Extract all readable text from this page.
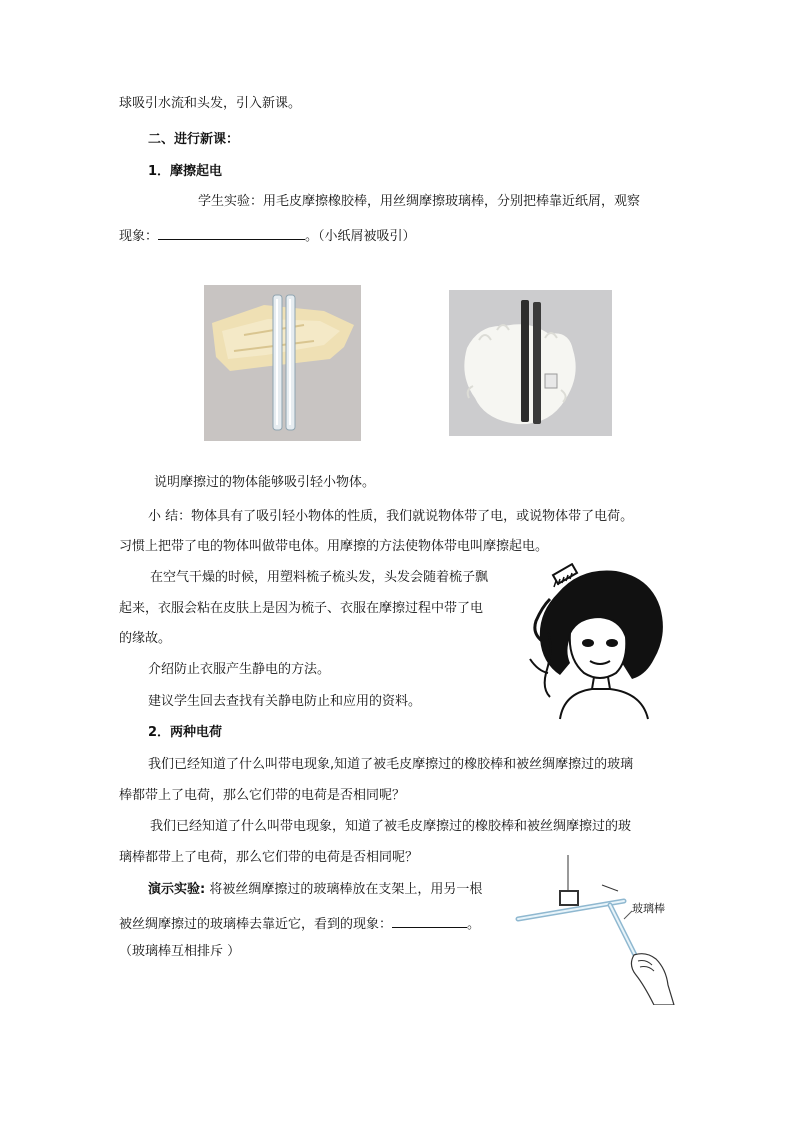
球吸引水流和头发，引入新课。
二、进行新课：
1．摩擦起电
学生实验：用毛皮摩擦橡胶棒，用丝绸摩擦玻璃棒，分别把棒靠近纸屑，观察
现象：	。（小纸屑被吸引）
说明摩擦过的物体能够吸引轻小物体。
小 结：物体具有了吸引轻小物体的性质，我们就说物体带了电，或说物体带了电荷。
习惯上把带了电的物体叫做带电体。用摩擦的方法使物体带电叫摩擦起电。
在空气干燥的时候，用塑料梳子梳头发，头发会随着梳子飘
起来，衣服会粘在皮肤上是因为梳子、衣服在摩擦过程中带了电
的缘故。
介绍防止衣服产生静电的方法。
建议学生回去查找有关静电防止和应用的资料。
2．两种电荷
我们已经知道了什么叫带电现象,知道了被毛皮摩擦过的橡胶棒和被丝绸摩擦过的玻璃
棒都带上了电荷，那么它们带的电荷是否相同呢？
我们已经知道了什么叫带电现象，知道了被毛皮摩擦过的橡胶棒和被丝绸摩擦过的玻
璃棒都带上了电荷，那么它们带的电荷是否相同呢？
演示实验: 将被丝绸摩擦过的玻璃棒放在支架上，用另一根
被丝绸摩擦过的玻璃棒去靠近它，看到的现象：	。
（玻璃棒互相排斥 ）
玻璃棒
